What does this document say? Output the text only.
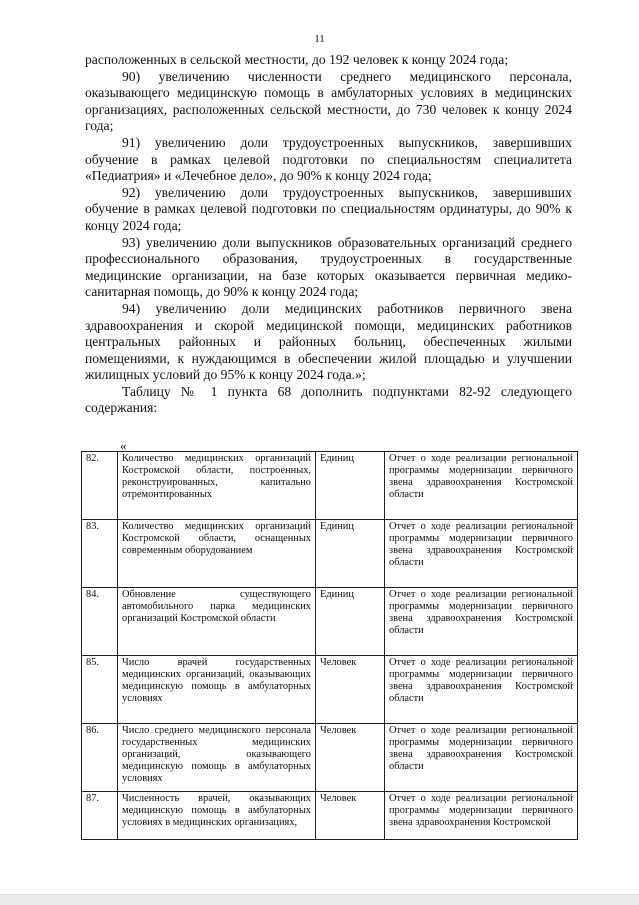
11

расположенных в сельской местности, до 192 человек к концу 2024 года;

90) увеличению численности среднего медицинского персонала, оказывающего медицинскую помощь в амбулаторных условиях в медицинских организациях, расположенных сельской местности, до 730 человек к концу 2024 года;

91) увеличению доли трудоустроенных выпускников, завершивших обучение в рамках целевой подготовки по специальностям специалитета «Педиатрия» и «Лечебное дело», до 90% к концу 2024 года;

92) увеличению доли трудоустроенных выпускников, завершивших обучение в рамках целевой подготовки по специальностям ординатуры, до 90% к концу 2024 года;

93) увеличению доли выпускников образовательных организаций среднего профессионального образования, трудоустроенных в государственные медицинские организации, на базе которых оказывается первичная медико-санитарная помощь, до 90% к концу 2024 года;

94) увеличению доли медицинских работников первичного звена здравоохранения и скорой медицинской помощи, медицинских работников центральных районных и районных больниц, обеспеченных жилыми помещениями, к нуждающимся в обеспечении жилой площадью и улучшении жилищных условий до 95% к концу 2024 года.»;

Таблицу № 1 пункта 68 дополнить подпунктами 82-92 следующего содержания:

«
82.	Количество медицинских организаций Костромской области, построенных, реконструированных, капитально отремонтированных	Единиц	Отчет о ходе реализации региональной программы модернизации первичного звена здравоохранения Костромской области
83.	Количество медицинских организаций Костромской области, оснащенных современным оборудованием	Единиц	Отчет о ходе реализации региональной программы модернизации первичного звена здравоохранения Костромской области
84.	Обновление существующего автомобильного парка медицинских организаций Костромской области	Единиц	Отчет о ходе реализации региональной программы модернизации первичного звена здравоохранения Костромской области
85.	Число врачей государственных медицинских организаций, оказывающих медицинскую помощь в амбулаторных условиях	Человек	Отчет о ходе реализации региональной программы модернизации первичного звена здравоохранения Костромской области
86.	Число среднего медицинского персонала государственных медицинских организаций, оказывающего медицинскую помощь в амбулаторных условиях	Человек	Отчет о ходе реализации региональной программы модернизации первичного звена здравоохранения Костромской области
87.	Численность врачей, оказывающих медицинскую помощь в амбулаторных условиях в медицинских организациях,	Человек	Отчет о ходе реализации региональной программы модернизации первичного звена здравоохранения Костромской
